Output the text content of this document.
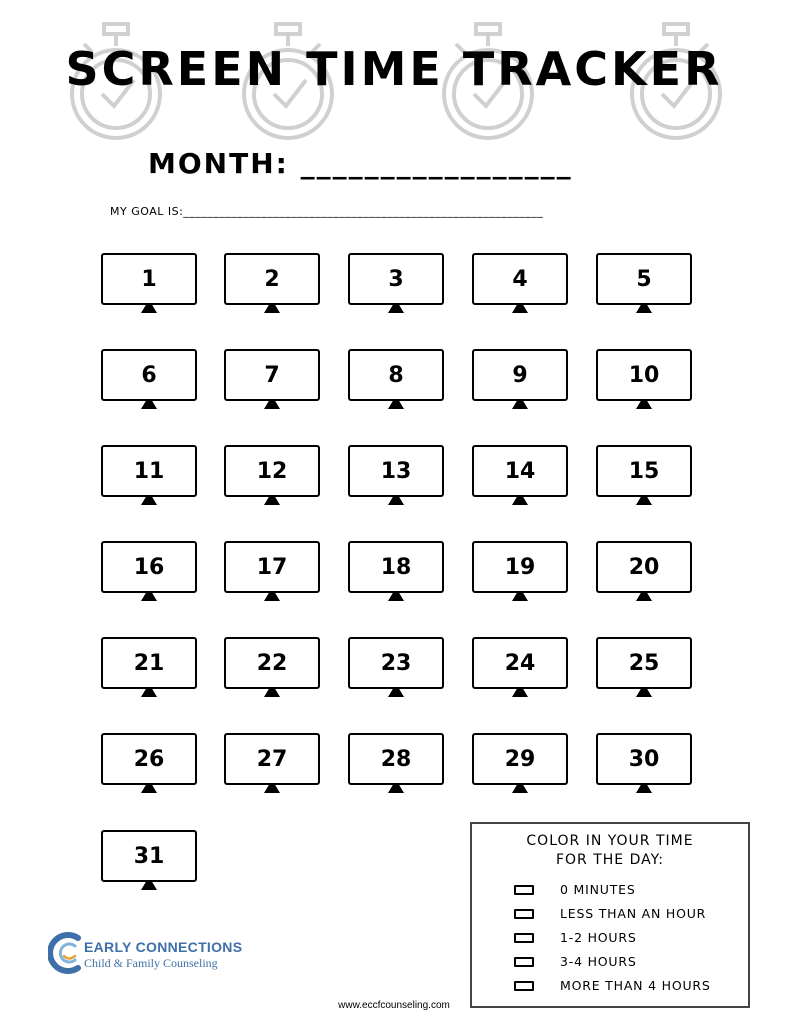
SCREEN TIME TRACKER
MONTH: _________________
MY GOAL IS:____________________________________________________________
1	2	3	4	5
6	7	8	9	10
11	12	13	14	15
16	17	18	19	20
21	22	23	24	25
26	27	28	29	30
31
COLOR IN YOUR TIME
FOR THE DAY:
0 MINUTES
LESS THAN AN HOUR
1-2 HOURS
3-4 HOURS
MORE THAN 4 HOURS
EARLY CONNECTIONS
Child & Family Counseling
www.eccfcounseling.com
